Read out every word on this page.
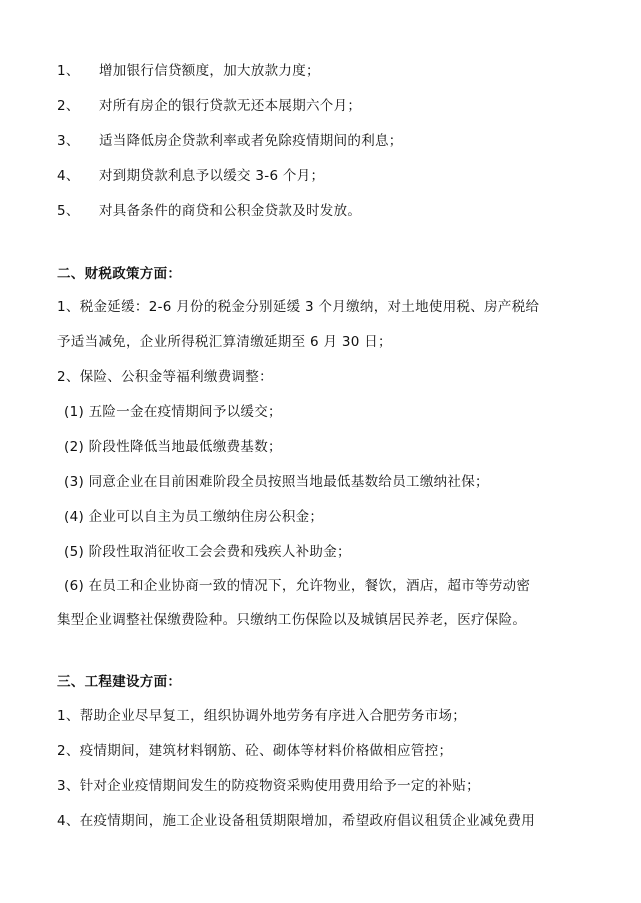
1、 增加银行信贷额度，加大放款力度；
2、 对所有房企的银行贷款无还本展期六个月；
3、 适当降低房企贷款利率或者免除疫情期间的利息；
4、 对到期贷款利息予以缓交 3-6 个月；
5、 对具备条件的商贷和公积金贷款及时发放。
二、财税政策方面：
1、税金延缓：2-6 月份的税金分别延缓 3 个月缴纳，对土地使用税、房产税给
予适当减免，企业所得税汇算清缴延期至 6 月 30 日；
2、保险、公积金等福利缴费调整：
(1) 五险一金在疫情期间予以缓交；
(2) 阶段性降低当地最低缴费基数；
(3) 同意企业在目前困难阶段全员按照当地最低基数给员工缴纳社保；
(4) 企业可以自主为员工缴纳住房公积金；
(5) 阶段性取消征收工会会费和残疾人补助金；
(6) 在员工和企业协商一致的情况下，允许物业，餐饮，酒店，超市等劳动密
集型企业调整社保缴费险种。只缴纳工伤保险以及城镇居民养老，医疗保险。
三、工程建设方面：
1、帮助企业尽早复工，组织协调外地劳务有序进入合肥劳务市场；
2、疫情期间，建筑材料钢筋、砼、砌体等材料价格做相应管控；
3、针对企业疫情期间发生的防疫物资采购使用费用给予一定的补贴；
4、在疫情期间，施工企业设备租赁期限增加，希望政府倡议租赁企业减免费用
